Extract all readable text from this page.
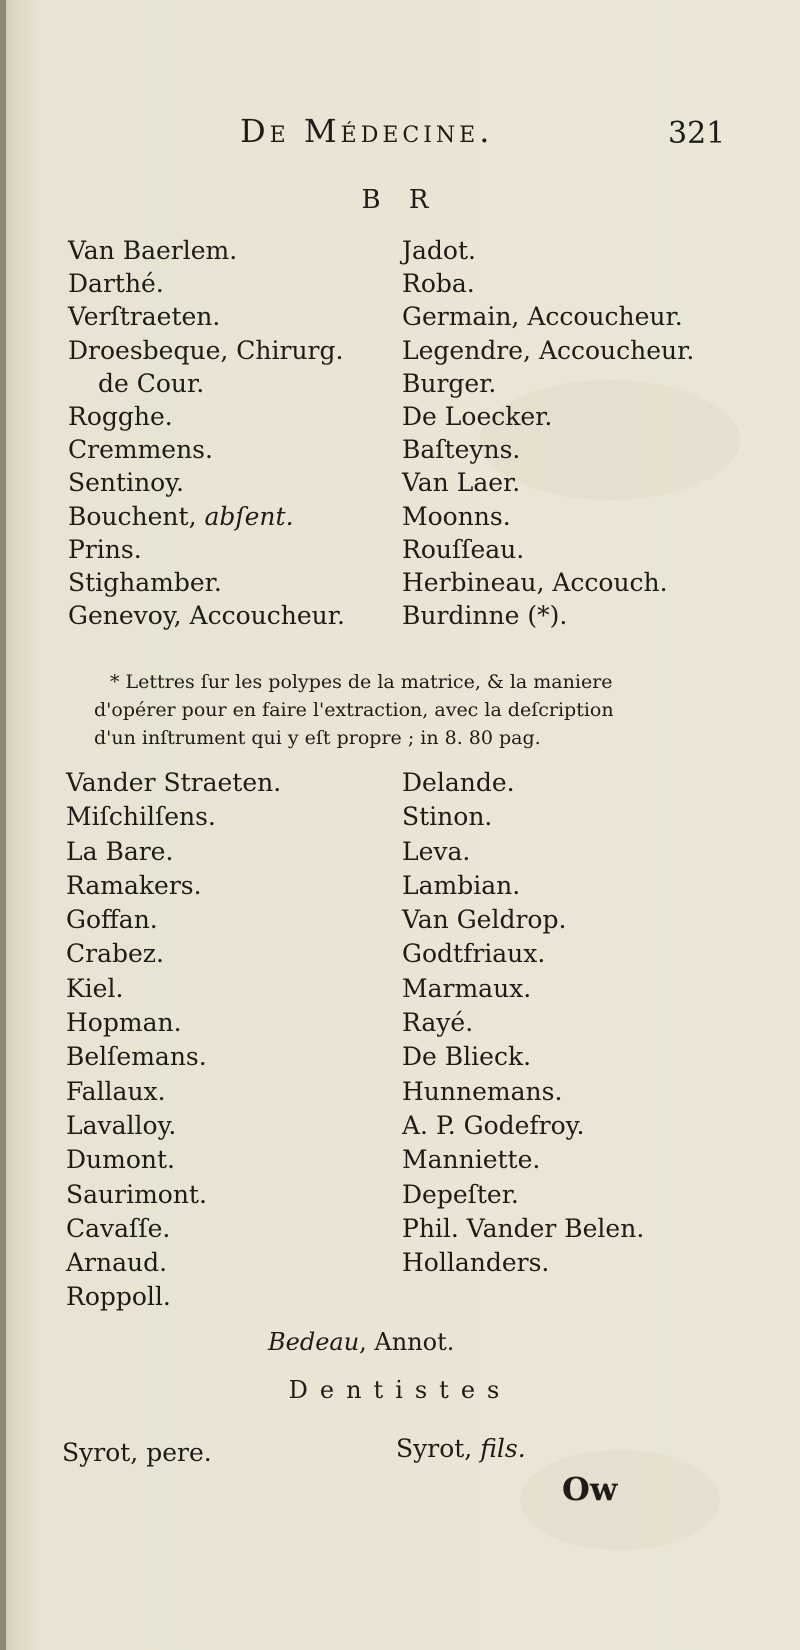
De Médecine.	321
B R
Van Baerlem.
Darthé.
Verſtraeten.
Droesbeque, Chirurg.
de Cour.
Rogghe.
Cremmens.
Sentinoy.
Bouchent, abſent.
Prins.
Stighamber.
Genevoy, Accoucheur.
Jadot.
Roba.
Germain, Accoucheur.
Legendre, Accoucheur.
Burger.
De Loecker.
Baſteyns.
Van Laer.
Moonns.
Rouſſeau.
Herbineau, Accouch.
Burdinne (*).

* Lettres ſur les polypes de la matrice, & la maniere

d'opérer pour en faire l'extraction, avec la deſcription

d'un inſtrument qui y eſt propre ; in 8. 80 pag.

Vander Straeten.
Miſchilſens.
La Bare.
Ramakers.
Goffan.
Crabez.
Kiel.
Hopman.
Belſemans.
Fallaux.
Lavalloy.
Dumont.
Saurimont.
Cavaſſe.
Arnaud.
Roppoll.
Delande.
Stinon.
Leva.
Lambian.
Van Geldrop.
Godtfriaux.
Marmaux.
Rayé.
De Blieck.
Hunnemans.
A. P. Godefroy.
Manniette.
Depeſter.
Phil. Vander Belen.
Hollanders.
Bedeau, Annot.
Dentistes
Syrot, pere.	Syrot, fils.
Ow
